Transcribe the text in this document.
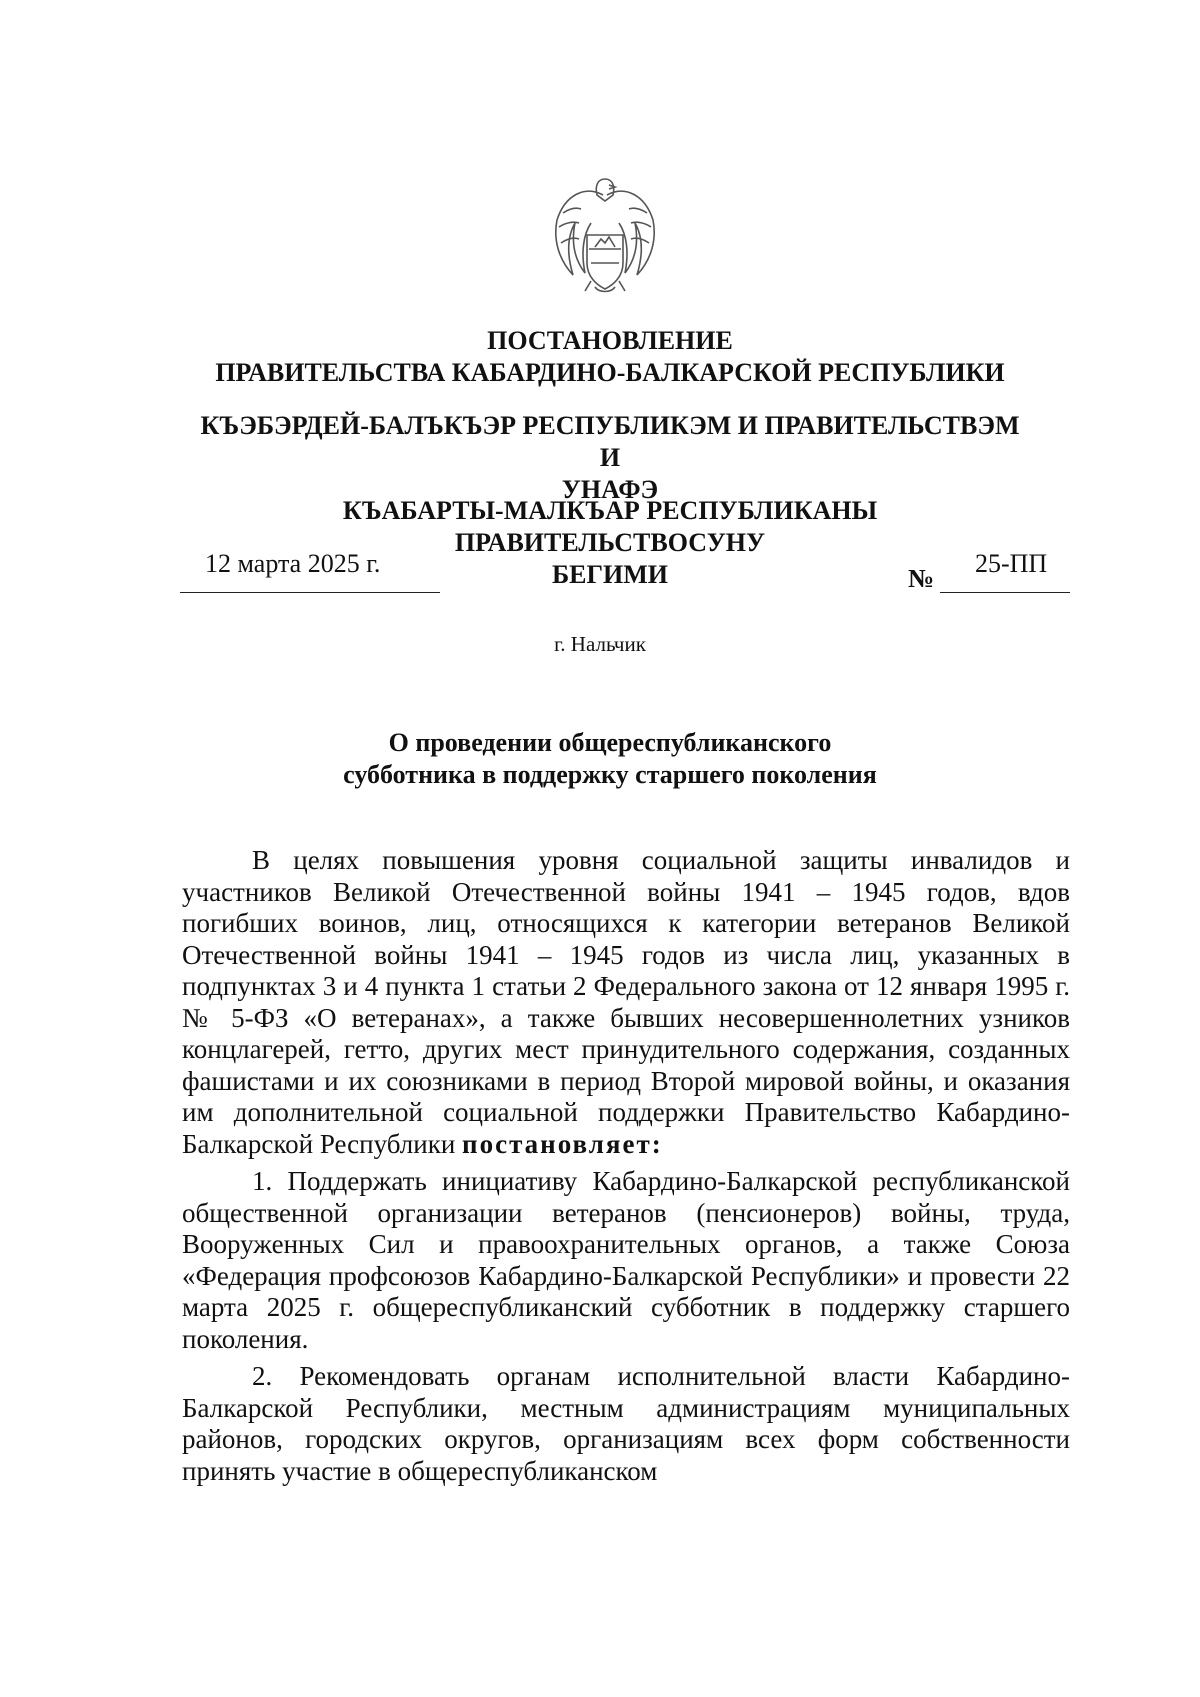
ПОСТАНОВЛЕНИЕ
ПРАВИТЕЛЬСТВА КАБАРДИНО-БАЛКАРСКОЙ РЕСПУБЛИКИ
КЪЭБЭРДЕЙ-БАЛЪКЪЭР РЕСПУБЛИКЭМ И ПРАВИТЕЛЬСТВЭМ И
УНАФЭ
КЪАБАРТЫ-МАЛКЪАР РЕСПУБЛИКАНЫ ПРАВИТЕЛЬСТВОСУНУ
БЕГИМИ
12 марта 2025 г.
№
25-ПП
г. Нальчик
О проведении общереспубликанского
субботника в поддержку старшего поколения

В целях повышения уровня социальной защиты инвалидов и участников Великой Отечественной войны 1941 – 1945 годов, вдов погибших воинов, лиц, относящихся к категории ветеранов Великой Отечественной войны 1941 – 1945 годов из числа лиц, указанных в подпунктах 3 и 4 пункта 1 статьи 2 Федерального закона от 12 января 1995 г. № 5-ФЗ «О ветеранах», а также бывших несовершеннолетних узников концлагерей, гетто, других мест принудительного содержания, созданных фашистами и их союзниками в период Второй мировой войны, и оказания им дополнительной социальной поддержки Правительство Кабардино-Балкарской Республики постановляет:

1. Поддержать инициативу Кабардино-Балкарской республиканской общественной организации ветеранов (пенсионеров) войны, труда, Вооруженных Сил и правоохранительных органов, а также Союза «Федерация профсоюзов Кабардино-Балкарской Республики» и провести 22 марта 2025 г. общереспубликанский субботник в поддержку старшего поколения.

2. Рекомендовать органам исполнительной власти Кабардино-Балкарской Республики, местным администрациям муниципальных районов, городских округов, организациям всех форм собственности принять участие в общереспубликанском
